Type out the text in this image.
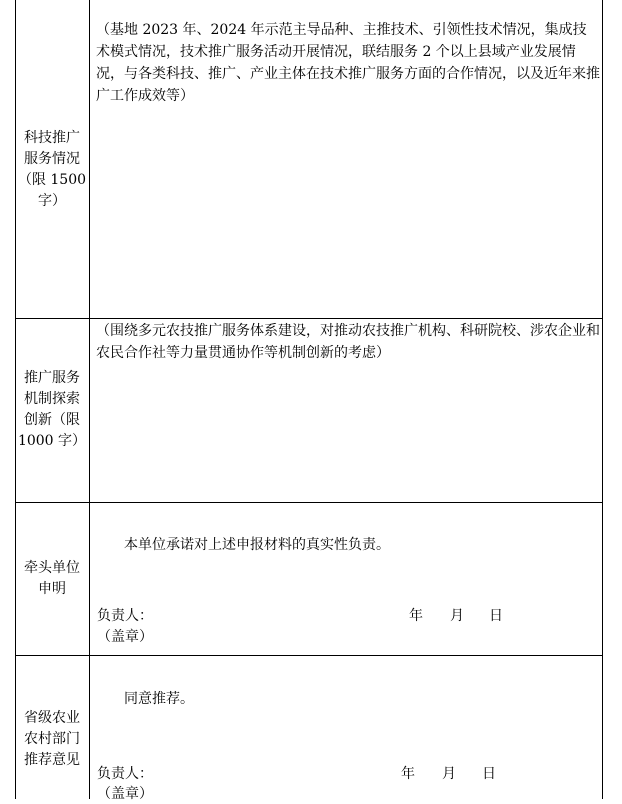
科技推广
服务情况
（限 1500
字）
（基地 2023 年、2024 年示范主导品种、主推技术、引领性技术情况，集成技术模式情况，技术推广服务活动开展情况，联结服务 2 个以上县域产业发展情况，与各类科技、推广、产业主体在技术推广服务方面的合作情况，以及近年来推广工作成效等）
推广服务
机制探索
创新（限
1000 字）
（围绕多元农技推广服务体系建设，对推动农技推广机构、科研院校、涉农企业和农民合作社等力量贯通协作等机制创新的考虑）
牵头单位
申明
本单位承诺对上述申报材料的真实性负责。
负责人：
（盖章）
年 月 日
省级农业
农村部门
推荐意见
同意推荐。
负责人：
（盖章）
年 月 日
